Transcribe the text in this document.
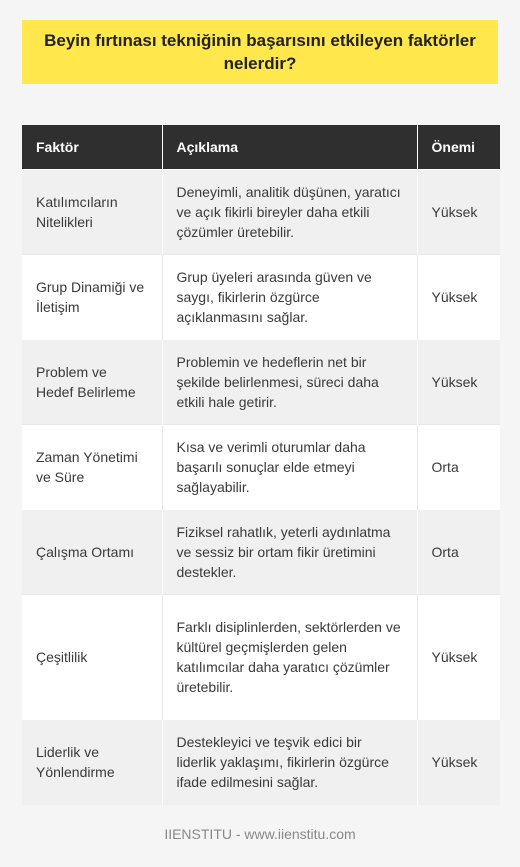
Beyin fırtınası tekniğinin başarısını etkileyen faktörler nelerdir?
Faktör	Açıklama	Önemi
Katılımcıların Nitelikleri	Deneyimli, analitik düşünen, yaratıcı ve açık fikirli bireyler daha etkili çözümler üretebilir.	Yüksek
Grup Dinamiği ve İletişim	Grup üyeleri arasında güven ve saygı, fikirlerin özgürce açıklanmasını sağlar.	Yüksek
Problem ve Hedef Belirleme	Problemin ve hedeflerin net bir şekilde belirlenmesi, süreci daha etkili hale getirir.	Yüksek
Zaman Yönetimi ve Süre	Kısa ve verimli oturumlar daha başarılı sonuçlar elde etmeyi sağlayabilir.	Orta
Çalışma Ortamı	Fiziksel rahatlık, yeterli aydınlatma ve sessiz bir ortam fikir üretimini destekler.	Orta
Çeşitlilik	Farklı disiplinlerden, sektörlerden ve kültürel geçmişlerden gelen katılımcılar daha yaratıcı çözümler üretebilir.	Yüksek
Liderlik ve Yönlendirme	Destekleyici ve teşvik edici bir liderlik yaklaşımı, fikirlerin özgürce ifade edilmesini sağlar.	Yüksek
IIENSTITU - www.iienstitu.com
